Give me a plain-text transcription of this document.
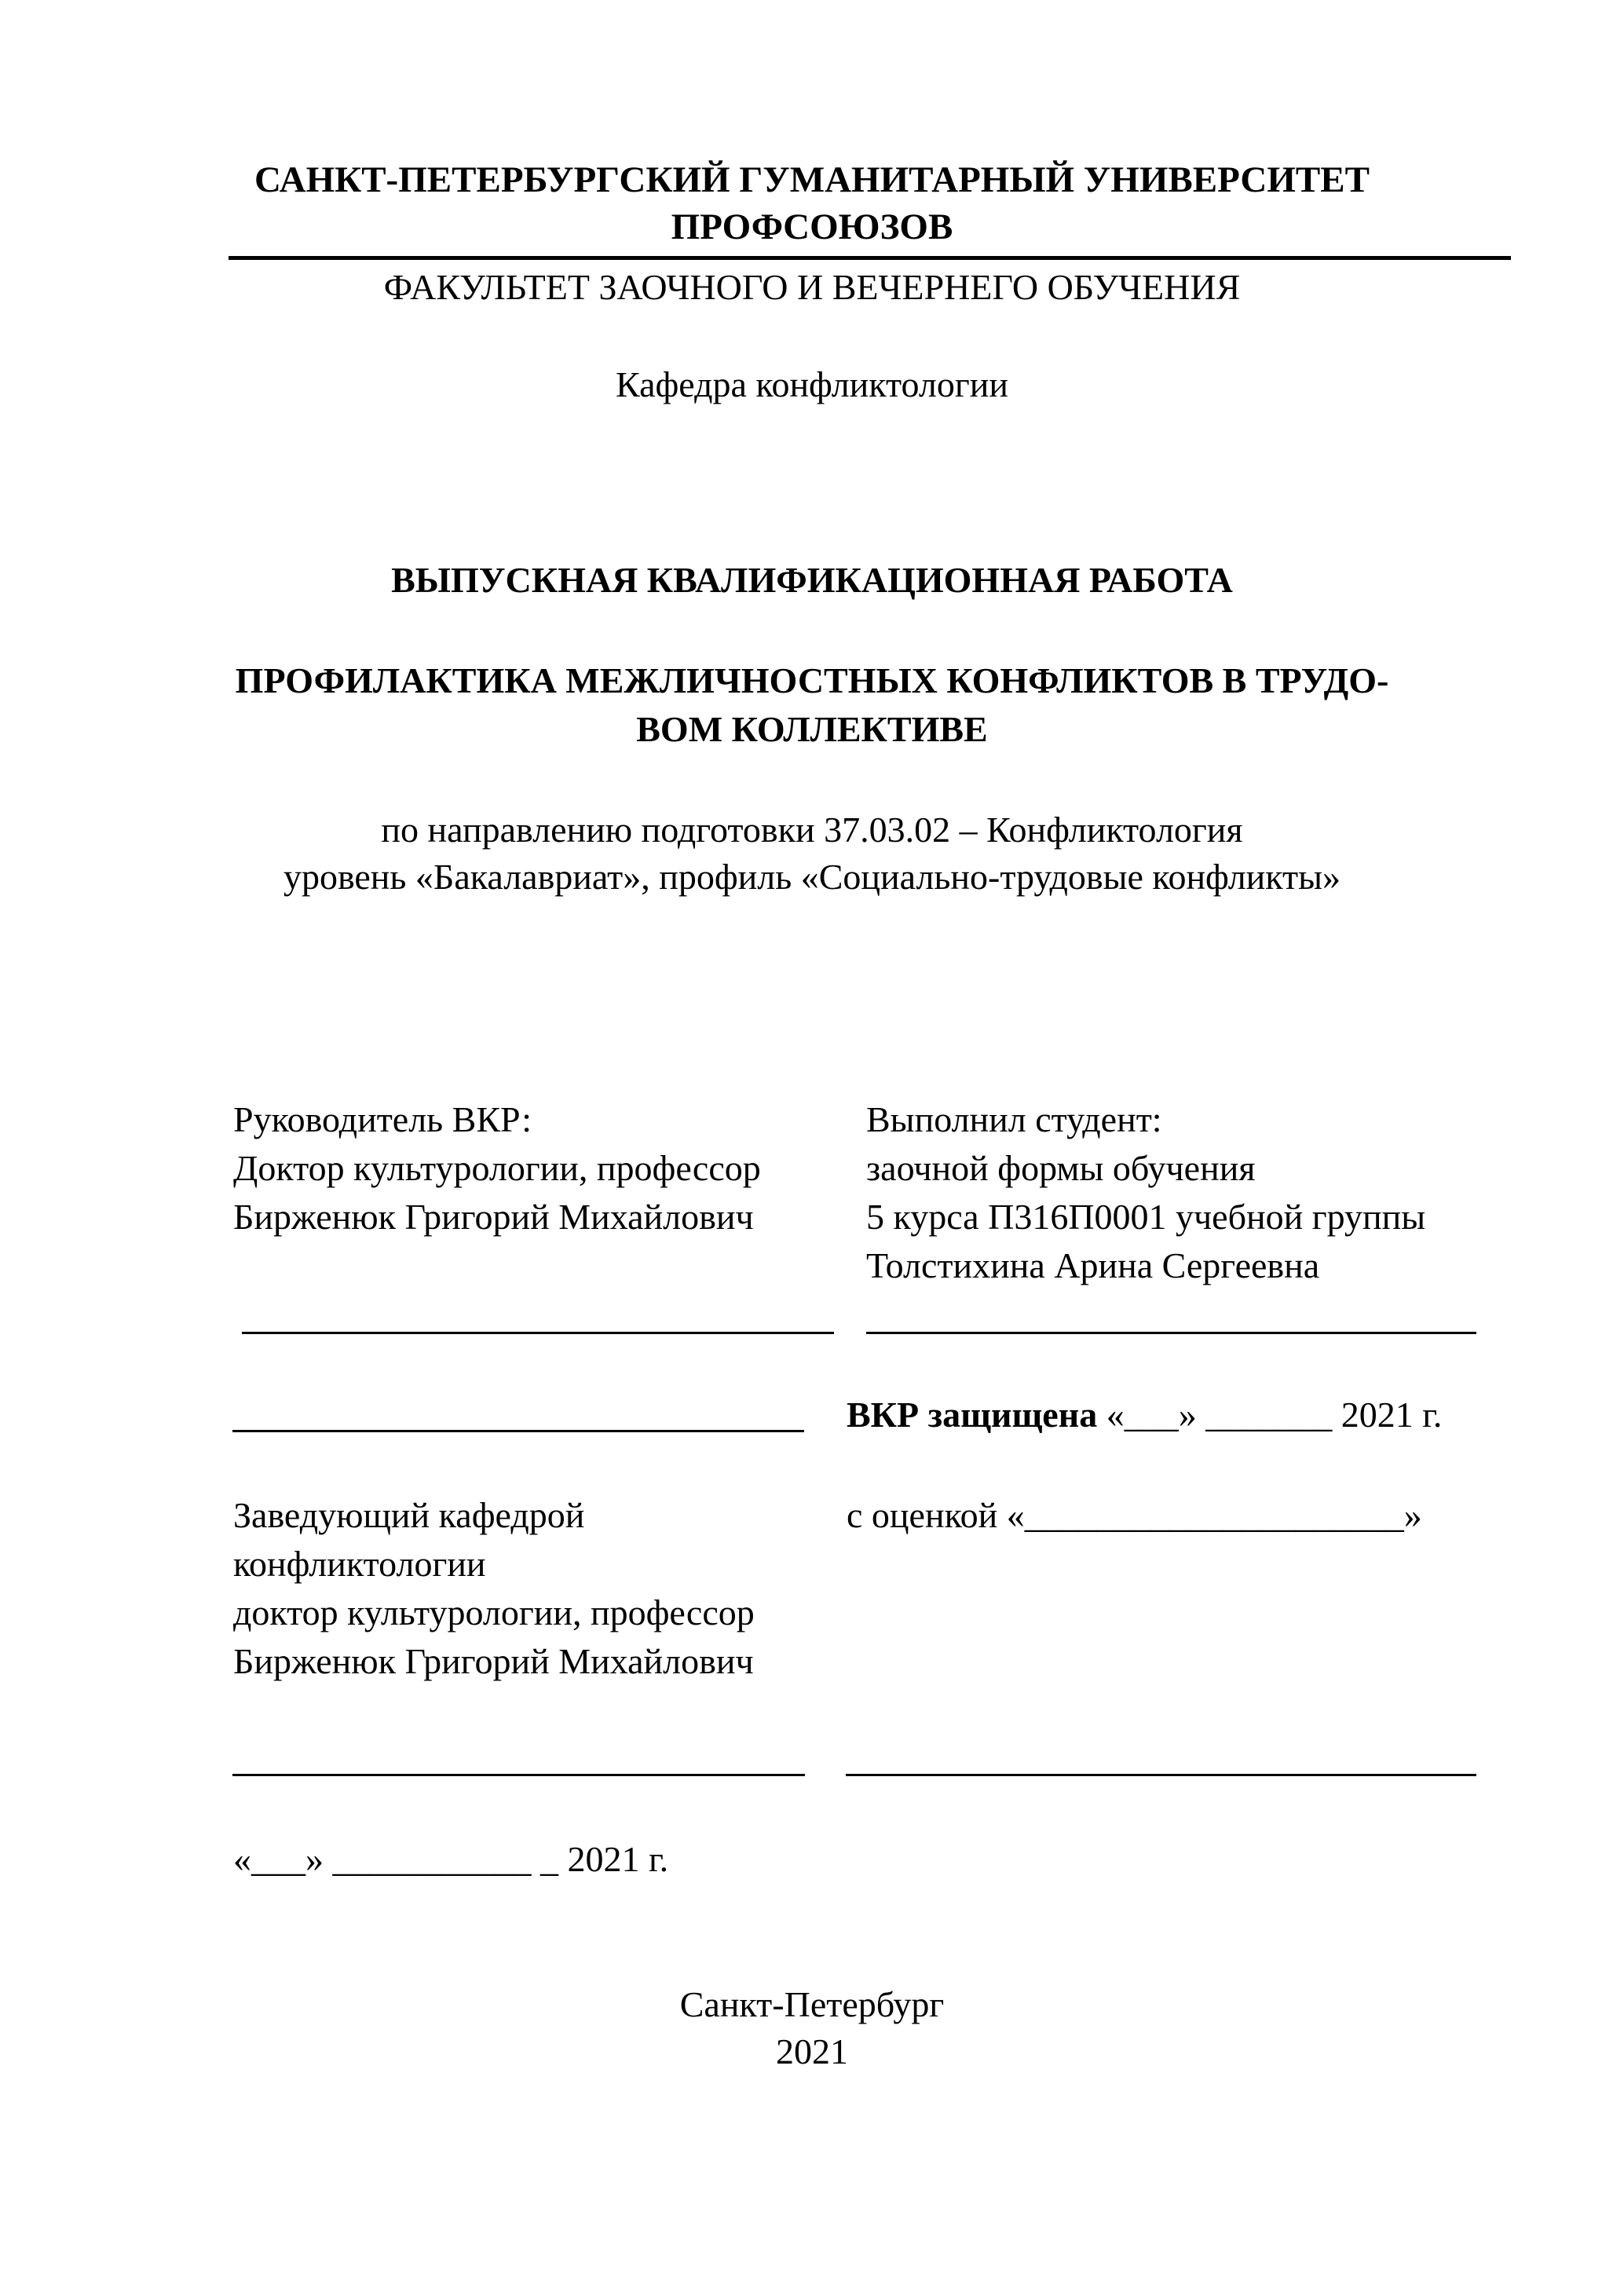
САНКТ-ПЕТЕРБУРГСКИЙ ГУМАНИТАРНЫЙ УНИВЕРСИТЕТ
ПРОФСОЮЗОВ
ФАКУЛЬТЕТ ЗАОЧНОГО И ВЕЧЕРНЕГО ОБУЧЕНИЯ
Кафедра конфликтологии
ВЫПУСКНАЯ КВАЛИФИКАЦИОННАЯ РАБОТА
ПРОФИЛАКТИКА МЕЖЛИЧНОСТНЫХ КОНФЛИКТОВ В ТРУДО-
ВОМ КОЛЛЕКТИВЕ
по направлению подготовки 37.03.02 – Конфликтология
уровень «Бакалавриат», профиль «Социально-трудовые конфликты»
Руководитель ВКР:
Доктор культурологии, профессор
Бирженюк Григорий Михайлович
Выполнил студент:
заочной формы обучения
5 курса П316П0001 учебной группы
Толстихина Арина Сергеевна
ВКР защищена «___» _______ 2021 г.
Заведующий кафедрой
конфликтологии
доктор культурологии, профессор
Бирженюк Григорий Михайлович
с оценкой «_____________________»
«___» ___________ _ 2021 г.
Санкт-Петербург
2021
